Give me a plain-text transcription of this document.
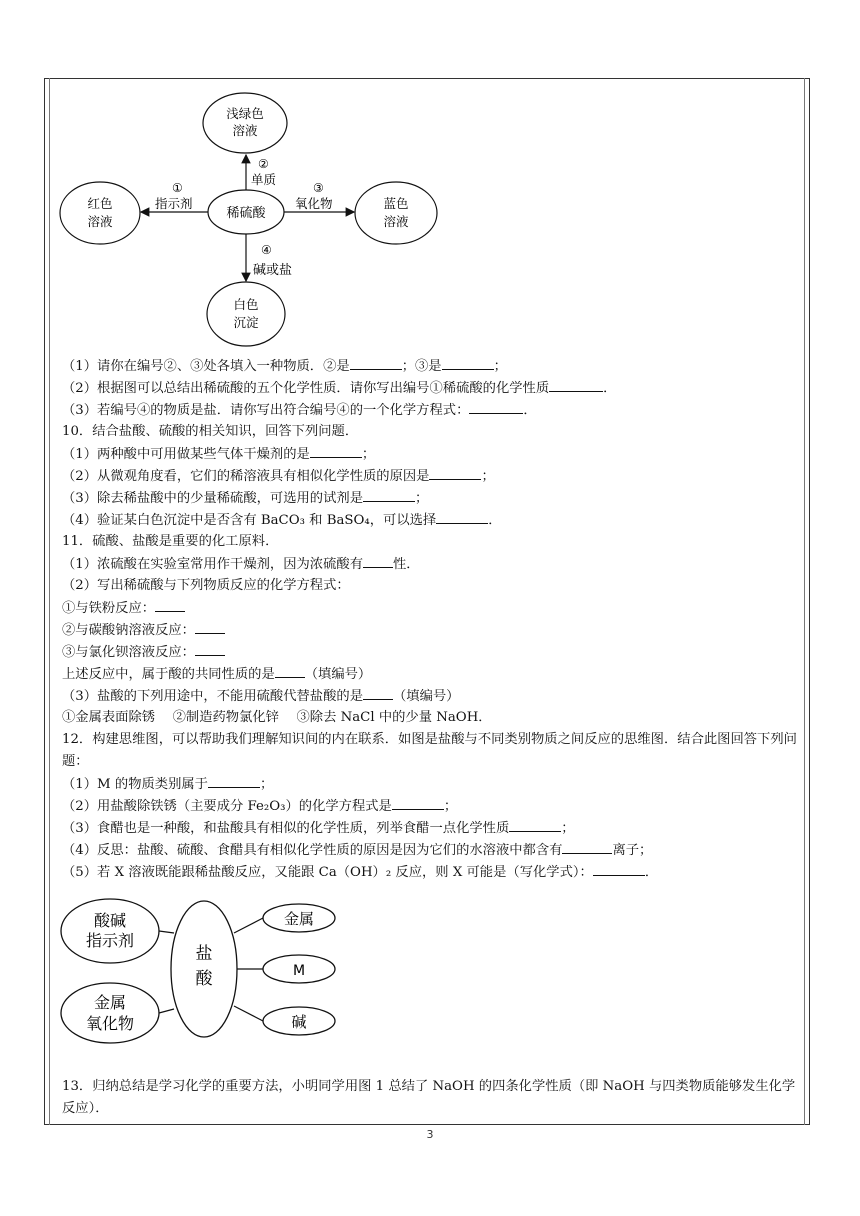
稀硫酸
浅绿色
溶液
红色
溶液
蓝色
溶液
白色
沉淀
②
单质
①
指示剂
③
氧化物
④
碱或盐
（1）请你在编号②、③处各填入一种物质．②是	；③是	；
（2）根据图可以总结出稀硫酸的五个化学性质．请你写出编号①稀硫酸的化学性质	．
（3）若编号④的物质是盐．请你写出符合编号④的一个化学方程式：	．
10．结合盐酸、硫酸的相关知识，回答下列问题．
（1）两种酸中可用做某些气体干燥剂的是	；
（2）从微观角度看，它们的稀溶液具有相似化学性质的原因是	；
（3）除去稀盐酸中的少量稀硫酸，可选用的试剂是	；
（4）验证某白色沉淀中是否含有 BaCO₃ 和 BaSO₄，可以选择	．
11．硫酸、盐酸是重要的化工原料．
（1）浓硫酸在实验室常用作干燥剂，因为浓硫酸有 性．
（2）写出稀硫酸与下列物质反应的化学方程式：
①与铁粉反应：
②与碳酸钠溶液反应：
③与氯化钡溶液反应：
上述反应中，属于酸的共同性质的是 （填编号）
（3）盐酸的下列用途中，不能用硫酸代替盐酸的是 （填编号）
①金属表面除锈　 ②制造药物氯化锌　 ③除去 NaCl 中的少量 NaOH．
12．构建思维图，可以帮助我们理解知识间的内在联系．如图是盐酸与不同类别物质之间反应的思维图．结合此图回答下列问题：
（1）M 的物质类别属于	；
（2）用盐酸除铁锈（主要成分 Fe₂O₃）的化学方程式是	；
（3）食醋也是一种酸，和盐酸具有相似的化学性质，列举食醋一点化学性质	；
（4）反思：盐酸、硫酸、食醋具有相似化学性质的原因是因为它们的水溶液中都含有	离子；
（5）若 X 溶液既能跟稀盐酸反应，又能跟 Ca（OH）₂ 反应，则 X 可能是（写化学式）：	．
盐
酸
酸碱
指示剂
金属
氧化物
金属
M
碱
13．归纳总结是学习化学的重要方法，小明同学用图 1 总结了 NaOH 的四条化学性质（即 NaOH 与四类物质能够发生化学反应）．
3
